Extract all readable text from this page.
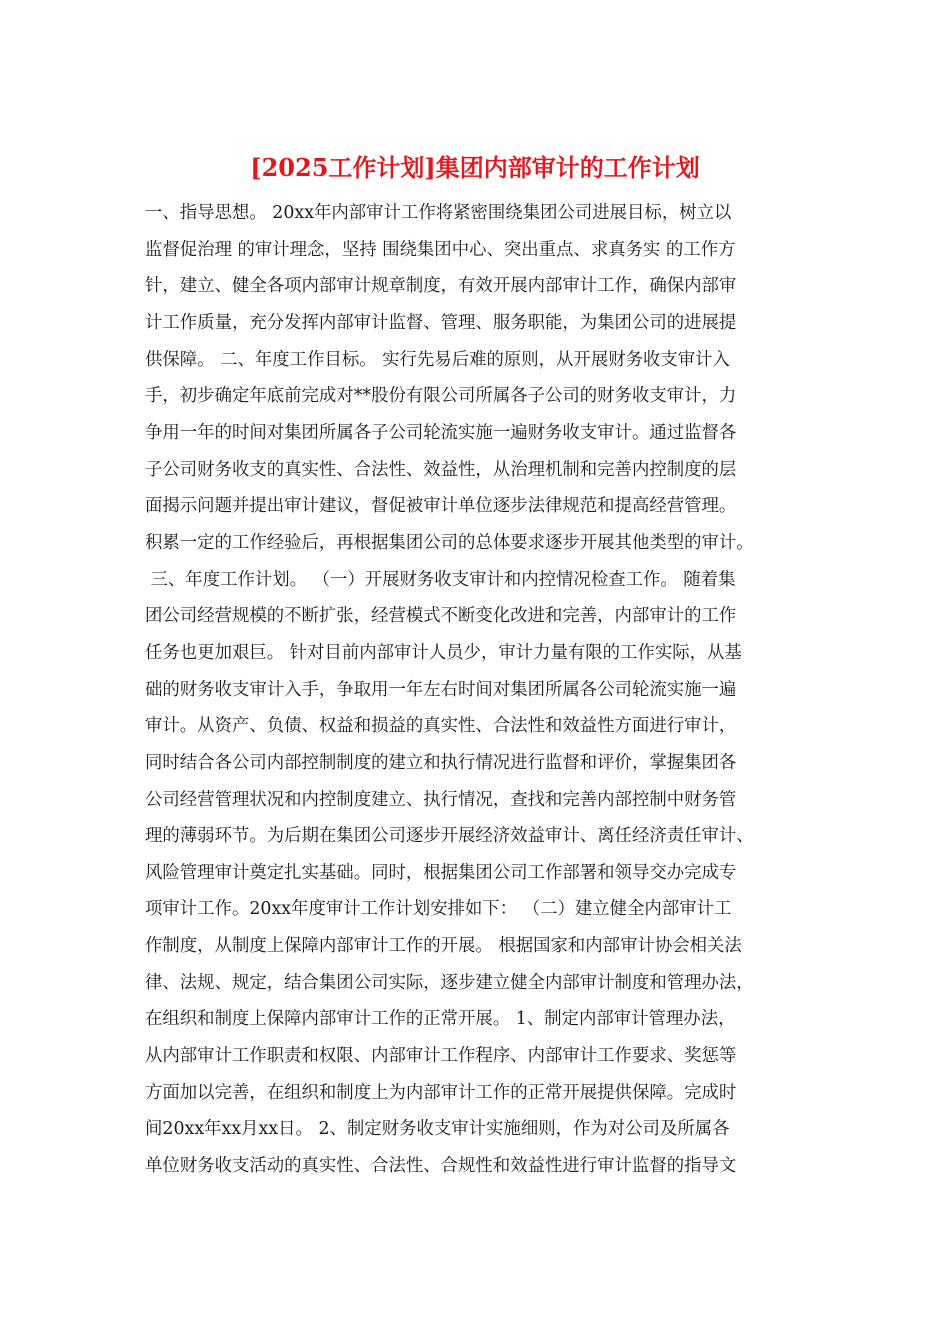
[2025工作计划]集团内部审计的工作计划
一、指导思想。 20xx年内部审计工作将紧密围绕集团公司进展目标，树立以
监督促治理 的审计理念，坚持 围绕集团中心、突出重点、求真务实 的工作方
针，建立、健全各项内部审计规章制度，有效开展内部审计工作，确保内部审
计工作质量，充分发挥内部审计监督、管理、服务职能，为集团公司的进展提
供保障。 二、年度工作目标。 实行先易后难的原则，从开展财务收支审计入
手，初步确定年底前完成对**股份有限公司所属各子公司的财务收支审计，力
争用一年的时间对集团所属各子公司轮流实施一遍财务收支审计。通过监督各
子公司财务收支的真实性、合法性、效益性，从治理机制和完善内控制度的层
面揭示问题并提出审计建议，督促被审计单位逐步法律规范和提高经营管理。
积累一定的工作经验后，再根据集团公司的总体要求逐步开展其他类型的审计。
三、年度工作计划。 （一）开展财务收支审计和内控情况检查工作。 随着集
团公司经营规模的不断扩张，经营模式不断变化改进和完善，内部审计的工作
任务也更加艰巨。 针对目前内部审计人员少，审计力量有限的工作实际，从基
础的财务收支审计入手，争取用一年左右时间对集团所属各公司轮流实施一遍
审计。从资产、负债、权益和损益的真实性、合法性和效益性方面进行审计，
同时结合各公司内部控制制度的建立和执行情况进行监督和评价，掌握集团各
公司经营管理状况和内控制度建立、执行情况，查找和完善内部控制中财务管
理的薄弱环节。为后期在集团公司逐步开展经济效益审计、离任经济责任审计、
风险管理审计奠定扎实基础。同时，根据集团公司工作部署和领导交办完成专
项审计工作。20xx年度审计工作计划安排如下： （二）建立健全内部审计工
作制度，从制度上保障内部审计工作的开展。 根据国家和内部审计协会相关法
律、法规、规定，结合集团公司实际，逐步建立健全内部审计制度和管理办法，
在组织和制度上保障内部审计工作的正常开展。 1、制定内部审计管理办法，
从内部审计工作职责和权限、内部审计工作程序、内部审计工作要求、奖惩等
方面加以完善，在组织和制度上为内部审计工作的正常开展提供保障。完成时
间20xx年xx月xx日。 2、制定财务收支审计实施细则，作为对公司及所属各
单位财务收支活动的真实性、合法性、合规性和效益性进行审计监督的指导文
